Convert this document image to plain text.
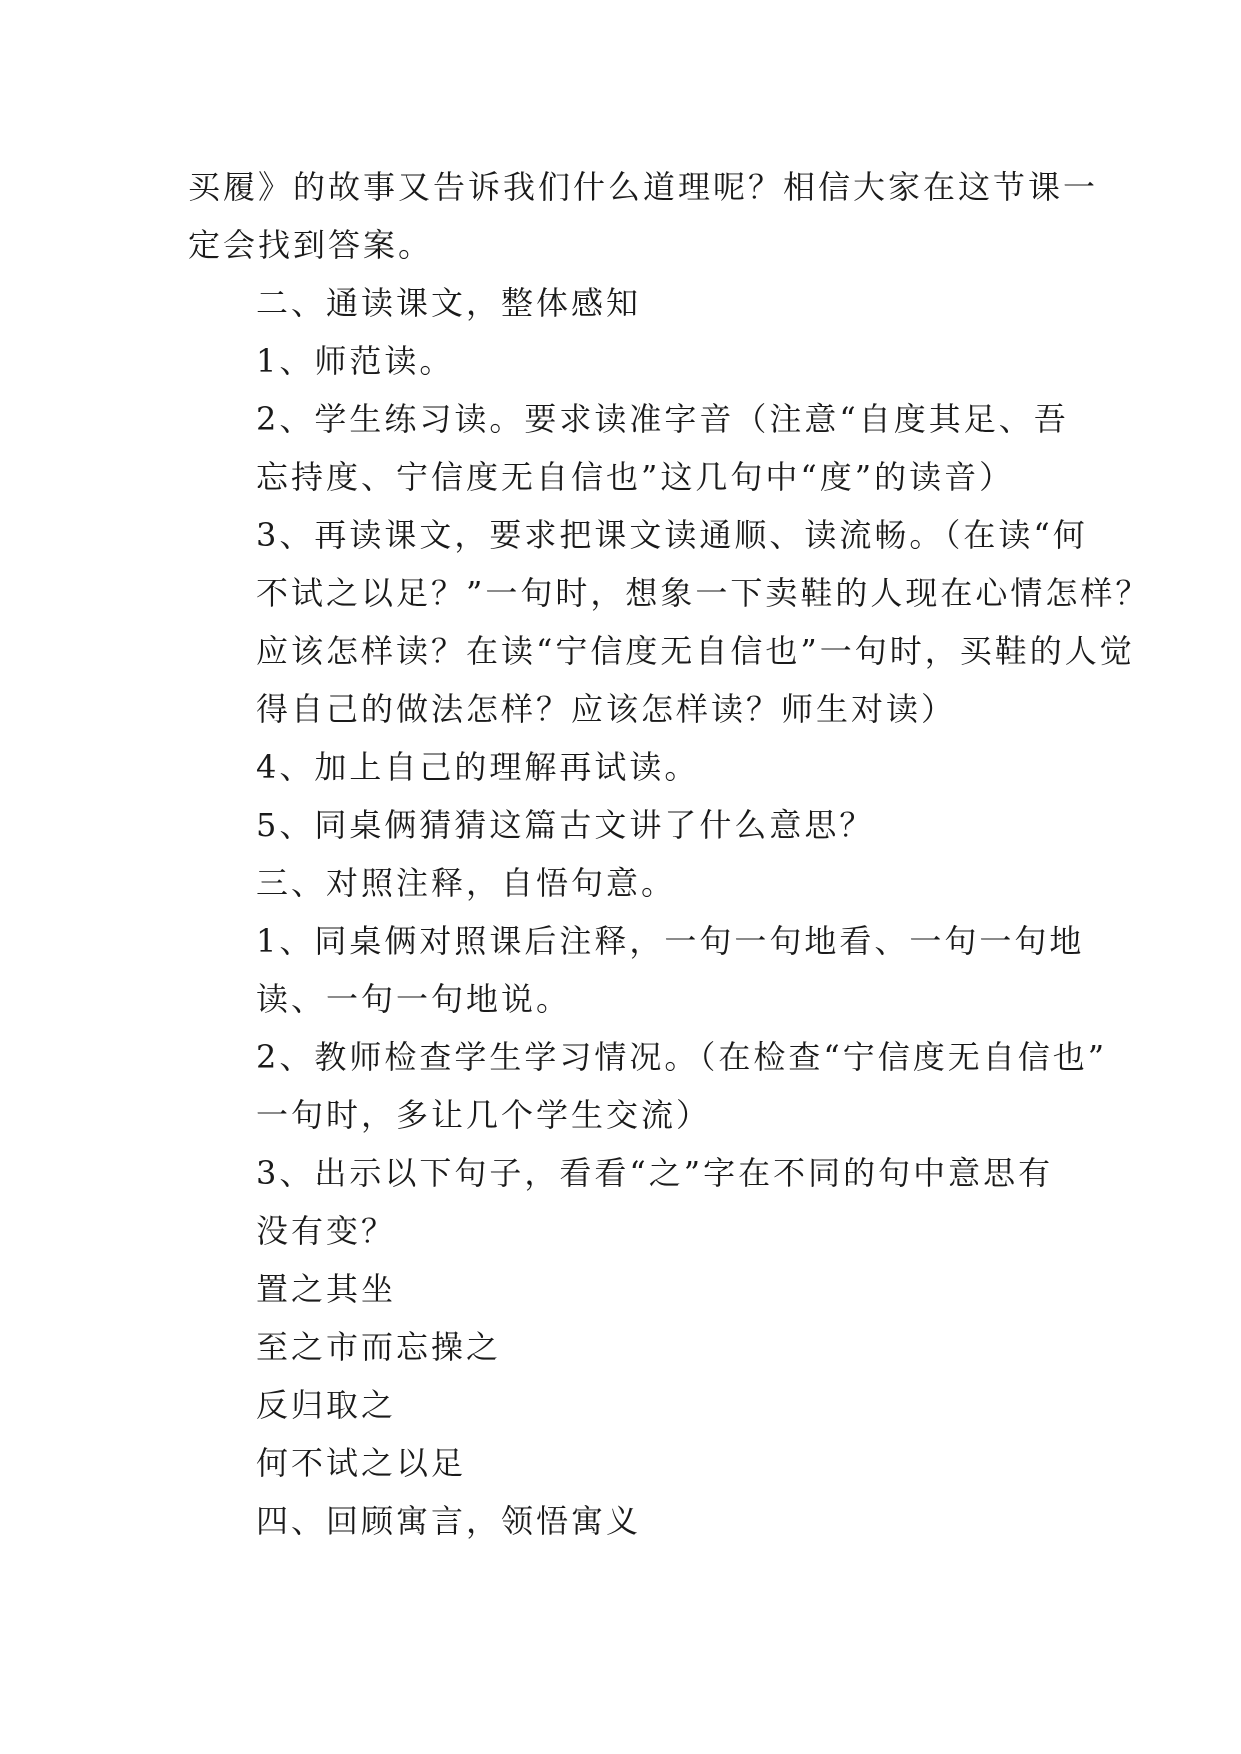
买履》的故事又告诉我们什么道理呢？相信大家在这节课一
定会找到答案。

二、通读课文，整体感知

1、师范读。

2、学生练习读。要求读准字音（注意“自度其足、吾
忘持度、宁信度无自信也”这几句中“度”的读音）

3、再读课文，要求把课文读通顺、读流畅。（在读“何
不试之以足？”一句时，想象一下卖鞋的人现在心情怎样？
应该怎样读？在读“宁信度无自信也”一句时，买鞋的人觉
得自己的做法怎样？应该怎样读？师生对读）

4、加上自己的理解再试读。

5、同桌俩猜猜这篇古文讲了什么意思？

三、对照注释，自悟句意。

1、同桌俩对照课后注释，一句一句地看、一句一句地
读、一句一句地说。

2、教师检查学生学习情况。（在检查“宁信度无自信也”
一句时，多让几个学生交流）

3、出示以下句子，看看“之”字在不同的句中意思有
没有变？

置之其坐

至之市而忘操之

反归取之

何不试之以足

四、回顾寓言，领悟寓义
